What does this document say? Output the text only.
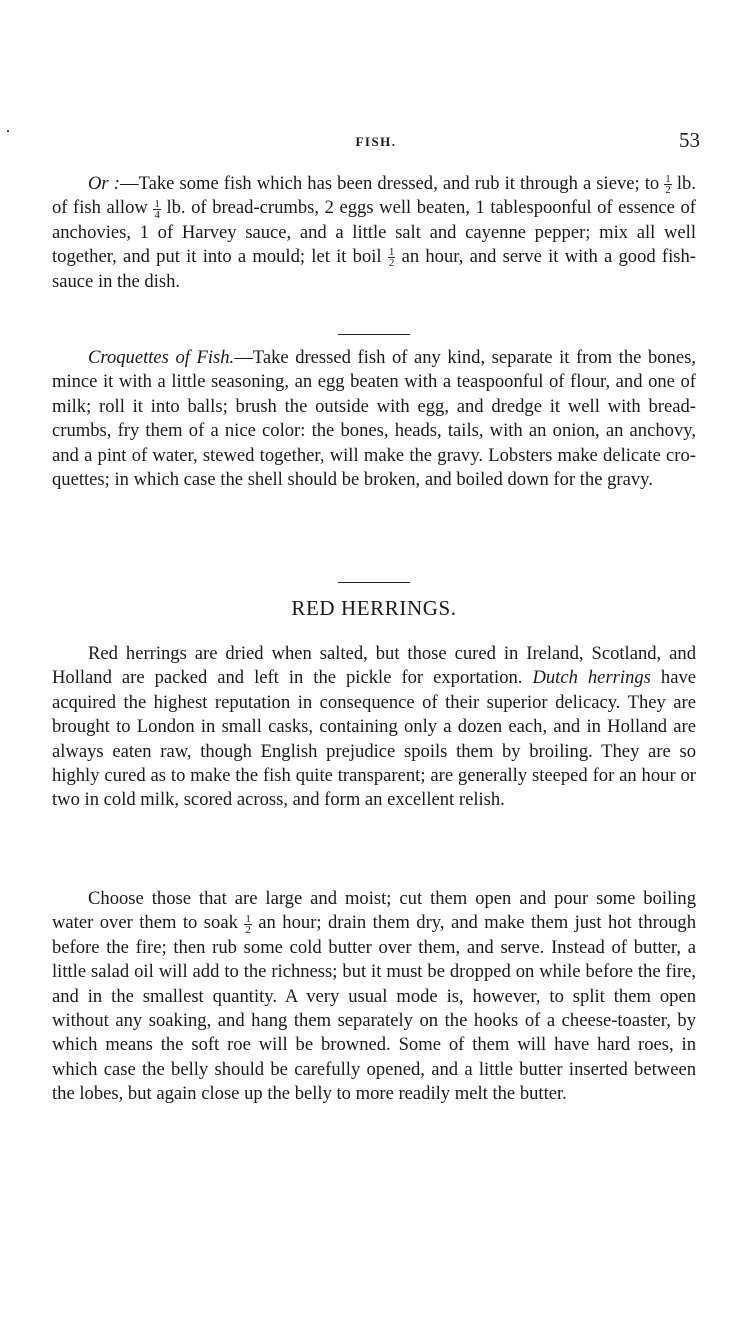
FISH.	53

Or :—Take some fish which has been dressed, and rub it through a sieve; to $\frac{1}{2}$ lb. of fish allow $\frac{1}{4}$ lb. of bread-crumbs, 2 eggs well beaten, 1 tablespoonful of essence of anchovies, 1 of Harvey sauce, and a little salt and cayenne pepper; mix all well together, and put it into a mould; let it boil $\frac{1}{2}$ an hour, and serve it with a good fish-sauce in the dish.

Croquettes of Fish.—Take dressed fish of any kind, separate it from the bones, mince it with a little seasoning, an egg beaten with a teaspoonful of flour, and one of milk; roll it into balls; brush the outside with egg, and dredge it well with bread-crumbs, fry them of a nice color: the bones, heads, tails, with an onion, an anchovy, and a pint of water, stewed together, will make the gravy. Lobsters make delicate croquettes; in which case the shell should be broken, and boiled down for the gravy.

RED HERRINGS.

Red herrings are dried when salted, but those cured in Ireland, Scotland, and Holland are packed and left in the pickle for exportation. Dutch herrings have acquired the highest reputation in consequence of their superior delicacy. They are brought to London in small casks, containing only a dozen each, and in Holland are always eaten raw, though English prejudice spoils them by broiling. They are so highly cured as to make the fish quite transparent; are generally steeped for an hour or two in cold milk, scored across, and form an excellent relish.

Choose those that are large and moist; cut them open and pour some boiling water over them to soak $\frac{1}{2}$ an hour; drain them dry, and make them just hot through before the fire; then rub some cold butter over them, and serve. Instead of butter, a little salad oil will add to the richness; but it must be dropped on while before the fire, and in the smallest quantity. A very usual mode is, however, to split them open without any soaking, and hang them separately on the hooks of a cheese-toaster, by which means the soft roe will be browned. Some of them will have hard roes, in which case the belly should be carefully opened, and a little butter inserted between the lobes, but again close up the belly to more readily melt the butter.
